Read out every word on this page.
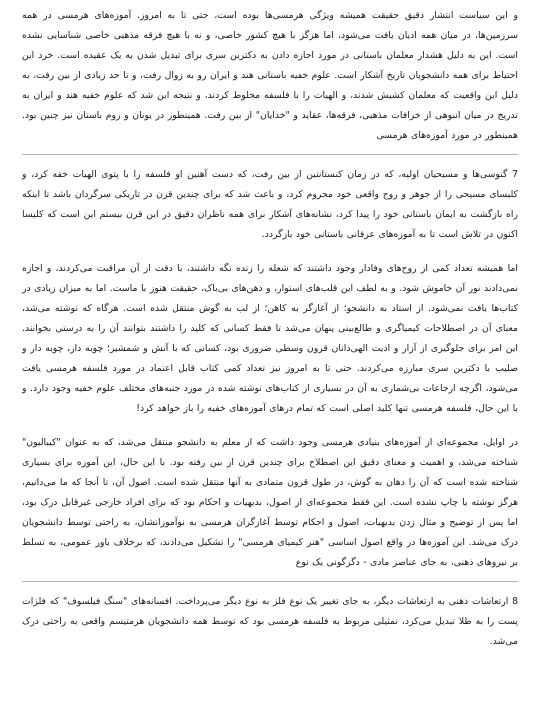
و این سیاست انتشار دقیق حقیقت همیشه ویژگی هرمسی‌ها بوده است، حتی تا به امروز. آموزه‌های هرمسی در همه سرزمین‌ها، در میان همه ادیان یافت می‌شود، اما هرگز با هیچ کشور خاصی، و نه با هیچ فرقه مذهبی خاصی شناسایی نشده است. این به دلیل هشدار معلمان باستانی در مورد اجازه دادن به دکترین سری برای تبدیل شدن به یک عقیده است. خرد این احتیاط برای همه دانشجویان تاریخ آشکار است. علوم خفیه باستانی هند و ایران رو به زوال رفت، و تا حد زیادی از بین رفت، به دلیل این واقعیت که معلمان کشیش شدند، و الهیات را با فلسفه مخلوط کردند، و نتیجه این شد که علوم خفیه هند و ایران به تدریج در میان انبوهی از خرافات مذهبی، فرقه‌ها، عقاید و "خدایان" از بین رفت. همینطور در یونان و روم باستان نیز چنین بود. همینطور در مورد آموزه‌های هرمسی

7 گنوسی‌ها و مسیحیان اولیه، که در زمان کنستانتین از بین رفت، که دست آهنین او فلسفه را با پتوی الهیات خفه کرد، و کلیسای مسیحی را از جوهر و روح واقعی خود محروم کرد، و باعث شد که برای چندین قرن در تاریکی سرگردان باشد تا اینکه راه بازگشت به ایمان باستانی خود را پیدا کرد، نشانه‌های آشکار برای همه ناظران دقیق در این قرن بیستم این است که کلیسا اکنون در تلاش است تا به آموزه‌های عرفانی باستانی خود بازگردد.

اما همیشه تعداد کمی از روح‌های وفادار وجود داشتند که شعله را زنده نگه داشتند، با دقت از آن مراقبت می‌کردند، و اجازه نمی‌دادند نور آن خاموش شود. و به لطف این قلب‌های استوار، و ذهن‌های بی‌باک، حقیقت هنوز با ماست. اما به میزان زیادی در کتاب‌ها یافت نمی‌شود. از استاد به دانشجو؛ از آغازگر به کاهن؛ از لب به گوش منتقل شده است. هرگاه که نوشته می‌شد، معنای آن در اصطلاحات کیمیاگری و طالع‌بینی پنهان می‌شد تا فقط کسانی که کلید را داشتند بتوانند آن را به درستی بخوانند. این امر برای جلوگیری از آزار و اذیت الهی‌دانان قرون وسطی ضروری بود، کسانی که با آتش و شمشیر؛ چوبه دار، چوبه دار و صلیب با دکترین سری مبارزه می‌کردند. حتی تا به امروز نیز تعداد کمی کتاب قابل اعتماد در مورد فلسفه هرمسی یافت می‌شود، اگرچه ارجاعات بی‌شماری به آن در بسیاری از کتاب‌های نوشته شده در مورد جنبه‌های مختلف علوم خفیه وجود دارد. و با این حال، فلسفه هرمسی تنها کلید اصلی است که تمام درهای آموزه‌های خفیه را باز خواهد کرد!

در اوایل، مجموعه‌ای از آموزه‌های بنیادی هرمسی وجود داشت که از معلم به دانشجو منتقل می‌شد، که به عنوان "کیبالیون" شناخته می‌شد، و اهمیت و معنای دقیق این اصطلاح برای چندین قرن از بین رفته بود. با این حال، این آموزه برای بسیاری شناخته شده است که آن را دهان به گوش، در طول قرون متمادی به آنها منتقل شده است. اصول آن، تا آنجا که ما می‌دانیم، هرگز نوشته یا چاپ نشده است. این فقط مجموعه‌ای از اصول، بدیهیات و احکام بود که برای افراد خارجی غیرقابل درک بود، اما پس از توضیح و مثال زدن بدیهیات، اصول و احکام توسط آغازگران هرمسی به نوآموزانشان، به راحتی توسط دانشجویان درک می‌شد. این آموزه‌ها در واقع اصول اساسی "هنر کیمیای هرمسی" را تشکیل می‌دادند، که برخلاف باور عمومی، به تسلط بر نیروهای ذهنی، به جای عناصر مادی - دگرگونی یک نوع

8 ارتعاشات ذهنی به ارتعاشات دیگر، به جای تغییر یک نوع فلز به نوع دیگر می‌پرداخت. افسانه‌های "سنگ فیلسوف" که فلزات پست را به طلا تبدیل می‌کرد، تمثیلی مربوط به فلسفه هرمسی بود که توسط همه دانشجویان هرمتیسم واقعی به راحتی درک می‌شد.
